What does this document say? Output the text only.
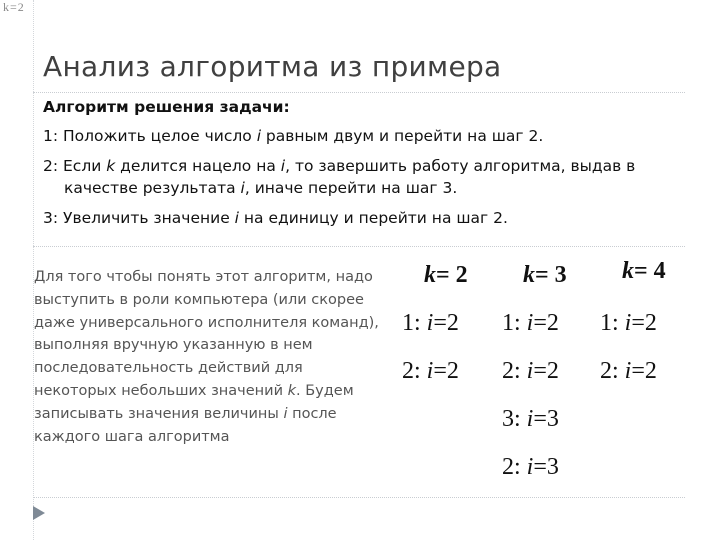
k = 2
Анализ алгоритма из примера

Алгоритм решения задачи:

1: Положить целое число i равным двум и перейти на шаг 2.

2: Если k делится нацело на i, то завершить работу алгоритма, выдав в
качестве результата i, иначе перейти на шаг 3.

3: Увеличить значение i на единицу и перейти на шаг 2.

Для того чтобы понять этот алгоритм, надо выступить в роли компьютера (или скорее даже универсального исполнителя команд), выполняя вручную указанную в нем последовательность действий для некоторых небольших значений k. Будем записывать значения величины i после каждого шага алгоритма

k= 2
1: i=2
2: i=2
k= 3
1: i=2
2: i=2
3: i=3
2: i=3
k= 4
1: i=2
2: i=2
